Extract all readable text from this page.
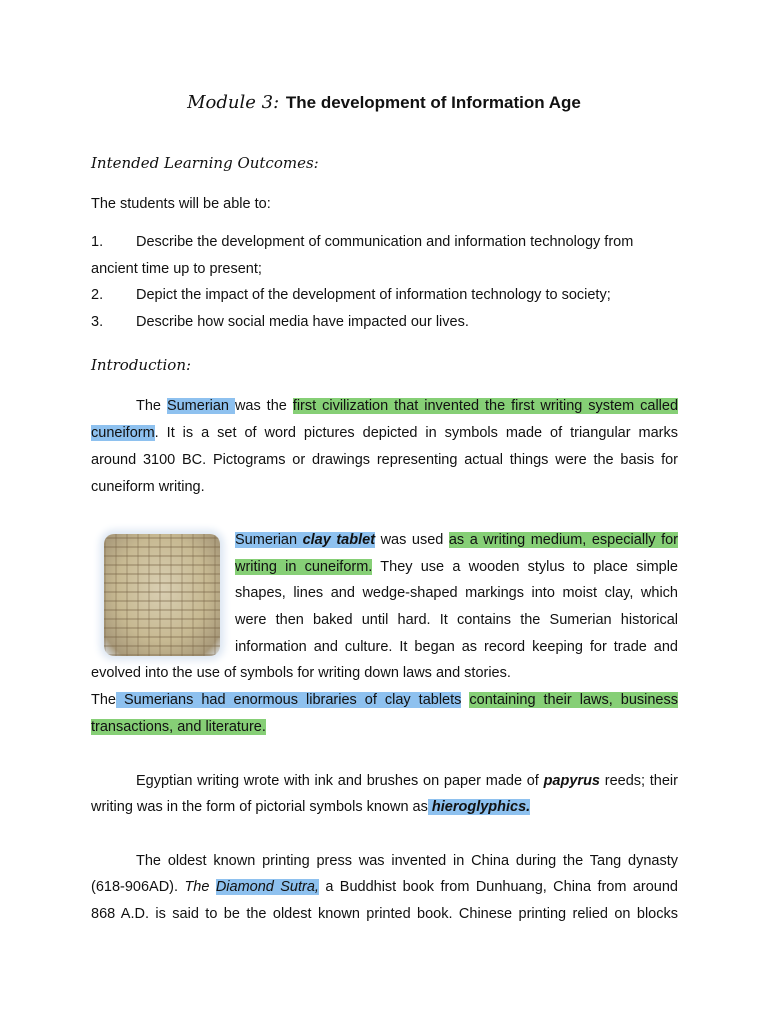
Module 3: The development of Information Age
Intended Learning Outcomes:
The students will be able to:
1. Describe the development of communication and information technology from
ancient time up to present;
2. Depict the impact of the development of information technology to society;
3. Describe how social media have impacted our lives.
Introduction:
The Sumerian was the first civilization that invented the first writing system called
cuneiform. It is a set of word pictures depicted in symbols made of triangular marks
around 3100 BC. Pictograms or drawings representing actual things were the basis for
cuneiform writing.
Sumerian clay tablet was used as a writing medium, especially for
writing in cuneiform. They use a wooden stylus to place simple
shapes, lines and wedge-shaped markings into moist clay, which
were then baked until hard. It contains the Sumerian historical
information and culture. It began as record keeping for trade and
evolved into the use of symbols for writing down laws and stories.
The Sumerians had enormous libraries of clay tablets containing their laws, business
transactions, and literature.
Egyptian writing wrote with ink and brushes on paper made of papyrus reeds; their
writing was in the form of pictorial symbols known as hieroglyphics.
The oldest known printing press was invented in China during the Tang dynasty
(618-906AD). The Diamond Sutra, a Buddhist book from Dunhuang, China from around
868 A.D. is said to be the oldest known printed book. Chinese printing relied on blocks
